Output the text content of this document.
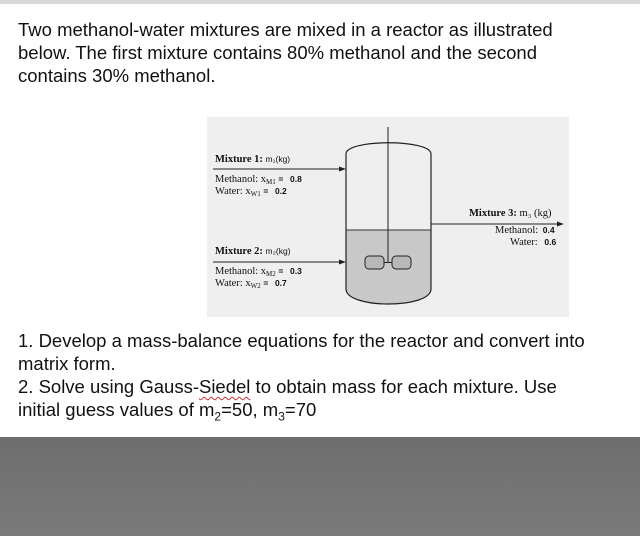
Two methanol-water mixtures are mixed in a reactor as illustrated
below. The first mixture contains 80% methanol and the second
contains 30% methanol.
Mixture 1: m₁(kg)
Methanol: $x_{M1} = 0.8$
Water: $x_{W1} = 0.2$
Mixture 2: m₂(kg)
Methanol: $x_{M2} = 0.3$
Water: $x_{W2} = 0.7$
Mixture 3: m₃ (kg)
Methanol: 0.4
Water: 0.6

1. Develop a mass-balance equations for the reactor and convert into

matrix form.

2. Solve using Gauss-Siedel to obtain mass for each mixture. Use

initial guess values of $m_2=50$, $m_3=70$
